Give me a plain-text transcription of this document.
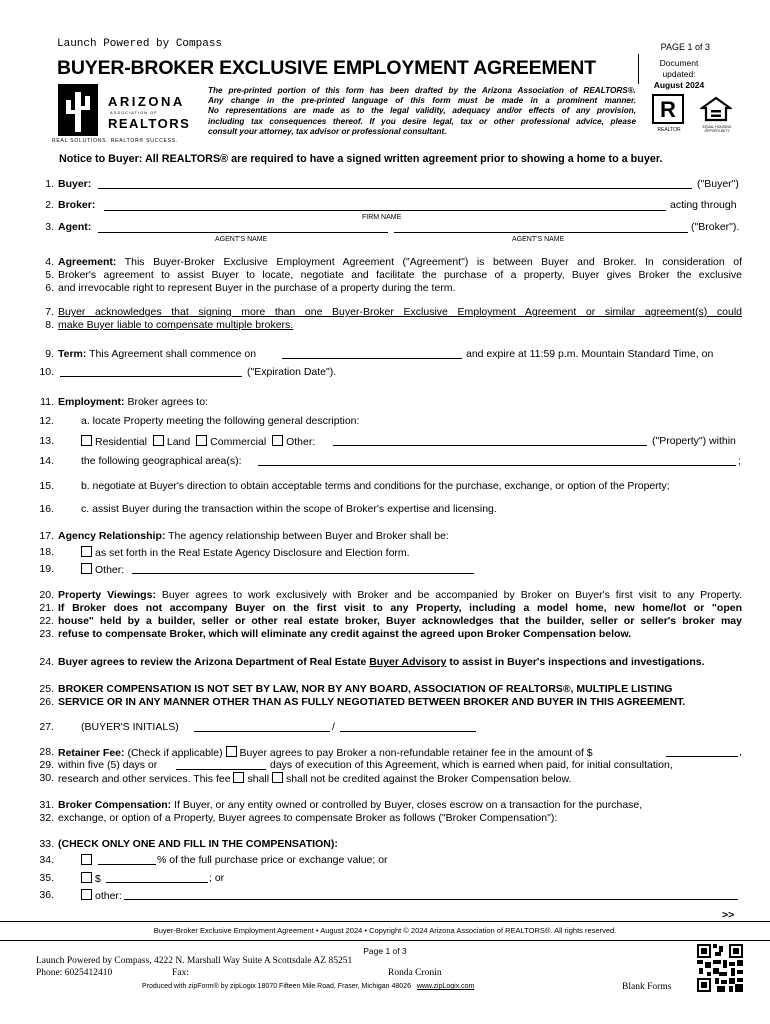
Launch Powered by Compass	PAGE 1 of 3
BUYER-BROKER EXCLUSIVE EMPLOYMENT AGREEMENT	Document updated:
August 2024
ARIZONA
ASSOCIATION OF
REALTORS
REAL SOLUTIONS. REALTOR® SUCCESS.
The pre-printed portion of this form has been drafted by the Arizona Association of REALTORS®.
Any change in the pre-printed language of this form must be made in a prominent manner.
No representations are made as to the legal validity, adequacy and/or effects of any provision,
including tax consequences thereof. If you desire legal, tax or other professional advice, please
consult your attorney, tax advisor or professional consultant.
R
REALTOR	EQUAL HOUSING OPPORTUNITY
Notice to Buyer: All REALTORS® are required to have a signed written agreement prior to showing a home to a buyer.
1. Buyer:	("Buyer")
2. Broker:	acting through
FIRM NAME
3. Agent:	("Broker").
AGENT'S NAME	AGENT'S NAME
4.
5.
6.
Agreement: This Buyer-Broker Exclusive Employment Agreement ("Agreement") is between Buyer and Broker. In consideration of
Broker's agreement to assist Buyer to locate, negotiate and facilitate the purchase of a property, Buyer gives Broker the exclusive
and irrevocable right to represent Buyer in the purchase of a property during the term.
7.
8.
Buyer acknowledges that signing more than one Buyer-Broker Exclusive Employment Agreement or similar agreement(s) could
make Buyer liable to compensate multiple brokers.
9. Term: This Agreement shall commence on	and expire at 11:59 p.m. Mountain Standard Time, on
10.	("Expiration Date").
11. Employment: Broker agrees to:
12.	a. locate Property meeting the following general description:
13.	Residential Land Commercial Other:	("Property") within
14.	the following geographical area(s):	;
15.	b. negotiate at Buyer's direction to obtain acceptable terms and conditions for the purchase, exchange, or option of the Property;
16.	c. assist Buyer during the transaction within the scope of Broker's expertise and licensing.
17. Agency Relationship: The agency relationship between Buyer and Broker shall be:
18.	as set forth in the Real Estate Agency Disclosure and Election form.
19.	Other:
20.
21.
22.
23.
Property Viewings: Buyer agrees to work exclusively with Broker and be accompanied by Broker on Buyer's first visit to any Property.
If Broker does not accompany Buyer on the first visit to any Property, including a model home, new home/lot or "open
house" held by a builder, seller or other real estate broker, Buyer acknowledges that the builder, seller or seller's broker may
refuse to compensate Broker, which will eliminate any credit against the agreed upon Broker Compensation below.
24. Buyer agrees to review the Arizona Department of Real Estate Buyer Advisory to assist in Buyer's inspections and investigations.
25.
26.
BROKER COMPENSATION IS NOT SET BY LAW, NOR BY ANY BOARD, ASSOCIATION OF REALTORS®, MULTIPLE LISTING
SERVICE OR IN ANY MANNER OTHER THAN AS FULLY NEGOTIATED BETWEEN BROKER AND BUYER IN THIS AGREEMENT.
27.	(BUYER'S INITIALS)	/
28. Retainer Fee: (Check if applicable) Buyer agrees to pay Broker a non-refundable retainer fee in the amount of $	,
29. within five (5) days or	days of execution of this Agreement, which is earned when paid, for initial consultation,
30. research and other services. This fee shall shall not be credited against the Broker Compensation below.
31.
32.
Broker Compensation: If Buyer, or any entity owned or controlled by Buyer, closes escrow on a transaction for the purchase,
exchange, or option of a Property, Buyer agrees to compensate Broker as follows ("Broker Compensation"):
33. (CHECK ONLY ONE AND FILL IN THE COMPENSATION):
34.	% of the full purchase price or exchange value; or
35.	$	; or
36.	other:
>>
Buyer-Broker Exclusive Employment Agreement • August 2024 • Copyright © 2024 Arizona Association of REALTORS®. All rights reserved.
Page 1 of 3
Launch Powered by Compass, 4222 N. Marshall Way Suite A Scottsdale AZ 85251
Phone: 6025412410	Fax:	Ronda Cronin
Produced with zipForm® by zipLogix 18070 Fifteen Mile Road, Fraser, Michigan 48026 www.zipLogix.com	Blank Forms
